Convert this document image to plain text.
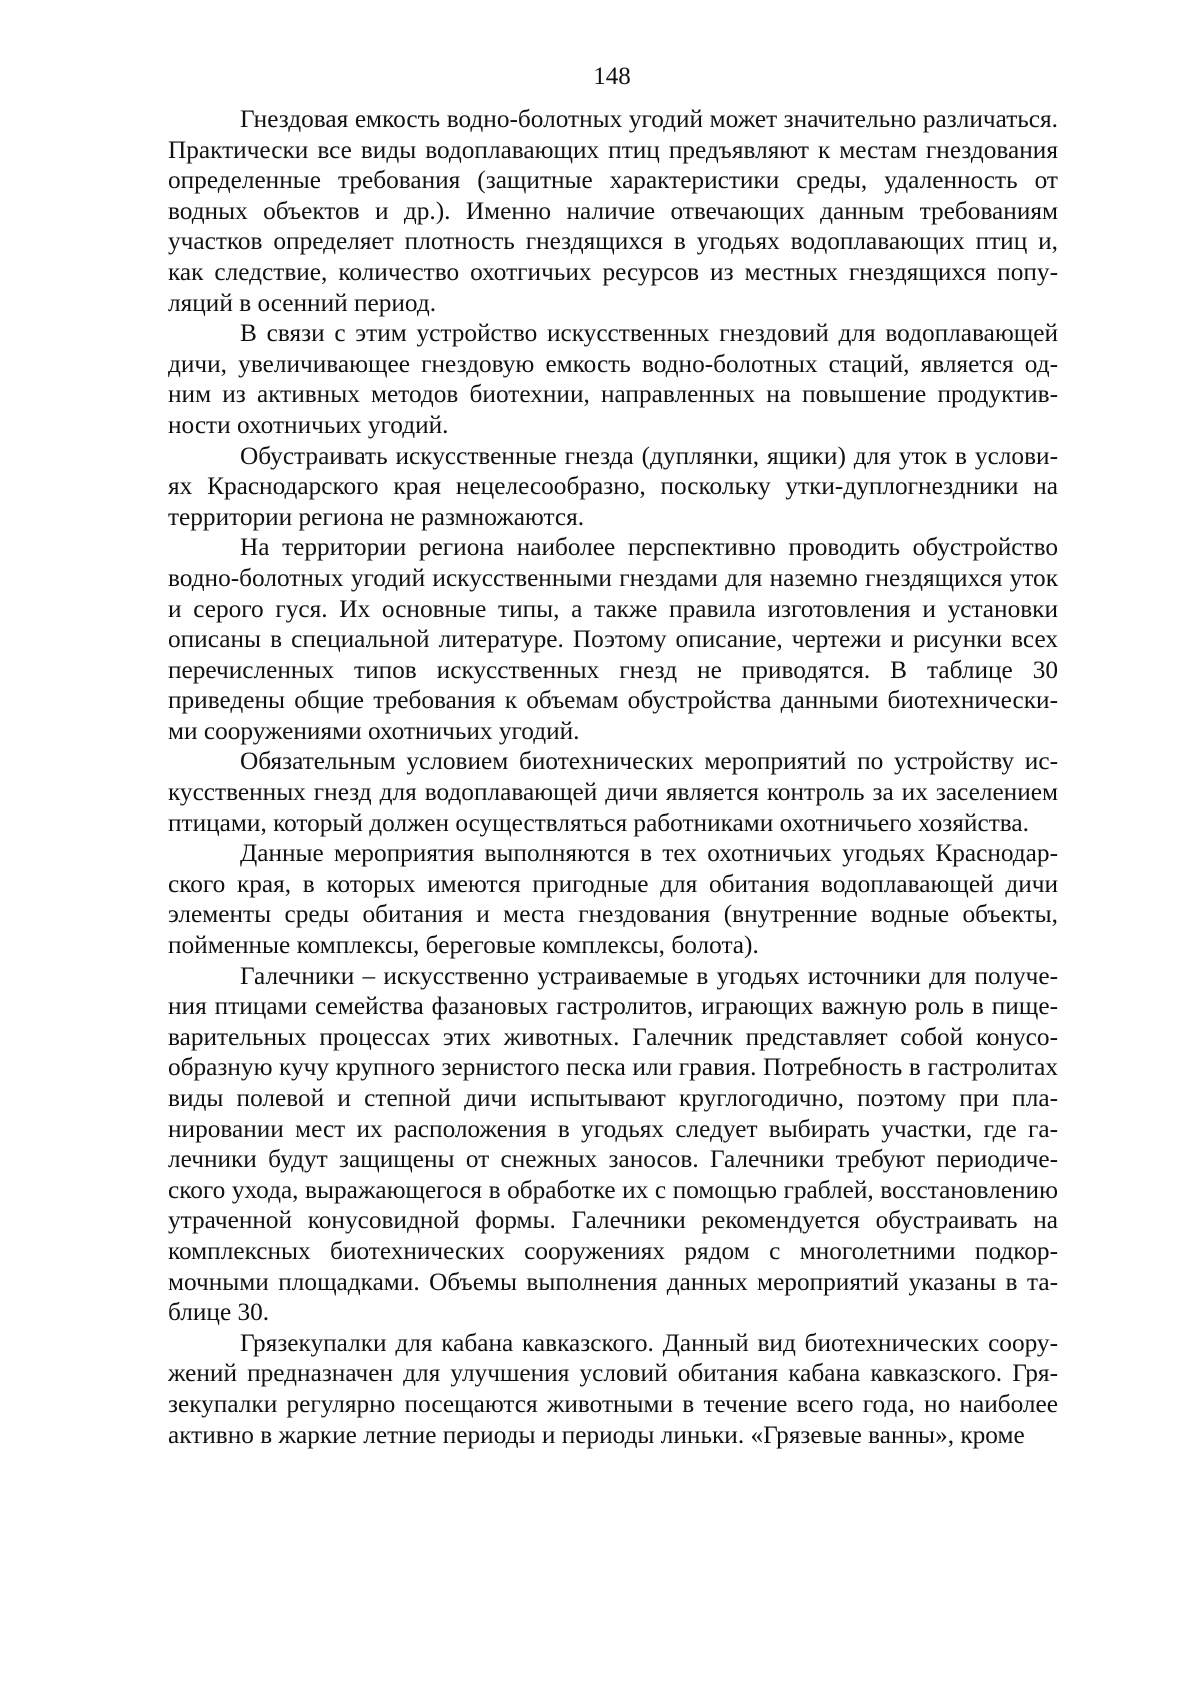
148

Гнездовая емкость водно-болотных угодий может значительно различаться. Практически все виды водоплавающих птиц предъявляют к местам гнездования определенные требования (защитные характеристики среды, удаленность от водных объектов и др.). Именно наличие отвечающих данным требованиям участков определяет плотность гнездящихся в угодьях водоплавающих птиц и, как следствие, количество охотгичьих ресурсов из местных гнездящихся популяций в осенний период.

В связи с этим устройство искусственных гнездовий для водоплавающей дичи, увеличивающее гнездовую емкость водно-болотных стаций, является одним из активных методов биотехнии, направленных на повышение продуктивности охотничьих угодий.

Обустраивать искусственные гнезда (дуплянки, ящики) для уток в условиях Краснодарского края нецелесообразно, поскольку утки-дуплогнездники на территории региона не размножаются.

На территории региона наиболее перспективно проводить обустройство водно-болотных угодий искусственными гнездами для наземно гнездящихся уток и серого гуся. Их основные типы, а также правила изготовления и установки описаны в специальной литературе. Поэтому описание, чертежи и рисунки всех перечисленных типов искусственных гнезд не приводятся. В таблице 30 приведены общие требования к объемам обустройства данными биотехническими сооружениями охотничьих угодий.

Обязательным условием биотехнических мероприятий по устройству искусственных гнезд для водоплавающей дичи является контроль за их заселением птицами, который должен осуществляться работниками охотничьего хозяйства.

Данные мероприятия выполняются в тех охотничьих угодьях Краснодарского края, в которых имеются пригодные для обитания водоплавающей дичи элементы среды обитания и места гнездования (внутренние водные объекты, пойменные комплексы, береговые комплексы, болота).

Галечники – искусственно устраиваемые в угодьях источники для получения птицами семейства фазановых гастролитов, играющих важную роль в пищеварительных процессах этих животных. Галечник представляет собой конусообразную кучу крупного зернистого песка или гравия. Потребность в гастролитах виды полевой и степной дичи испытывают круглогодично, поэтому при планировании мест их расположения в угодьях следует выбирать участки, где галечники будут защищены от снежных заносов. Галечники требуют периодического ухода, выражающегося в обработке их с помощью граблей, восстановлению утраченной конусовидной формы. Галечники рекомендуется обустраивать на комплексных биотехнических сооружениях рядом с многолетними подкормочными площадками. Объемы выполнения данных мероприятий указаны в таблице 30.

Грязекупалки для кабана кавказского. Данный вид биотехнических сооружений предназначен для улучшения условий обитания кабана кавказского. Грязекупалки регулярно посещаются животными в течение всего года, но наиболее активно в жаркие летние периоды и периоды линьки. «Грязевые ванны», кроме
